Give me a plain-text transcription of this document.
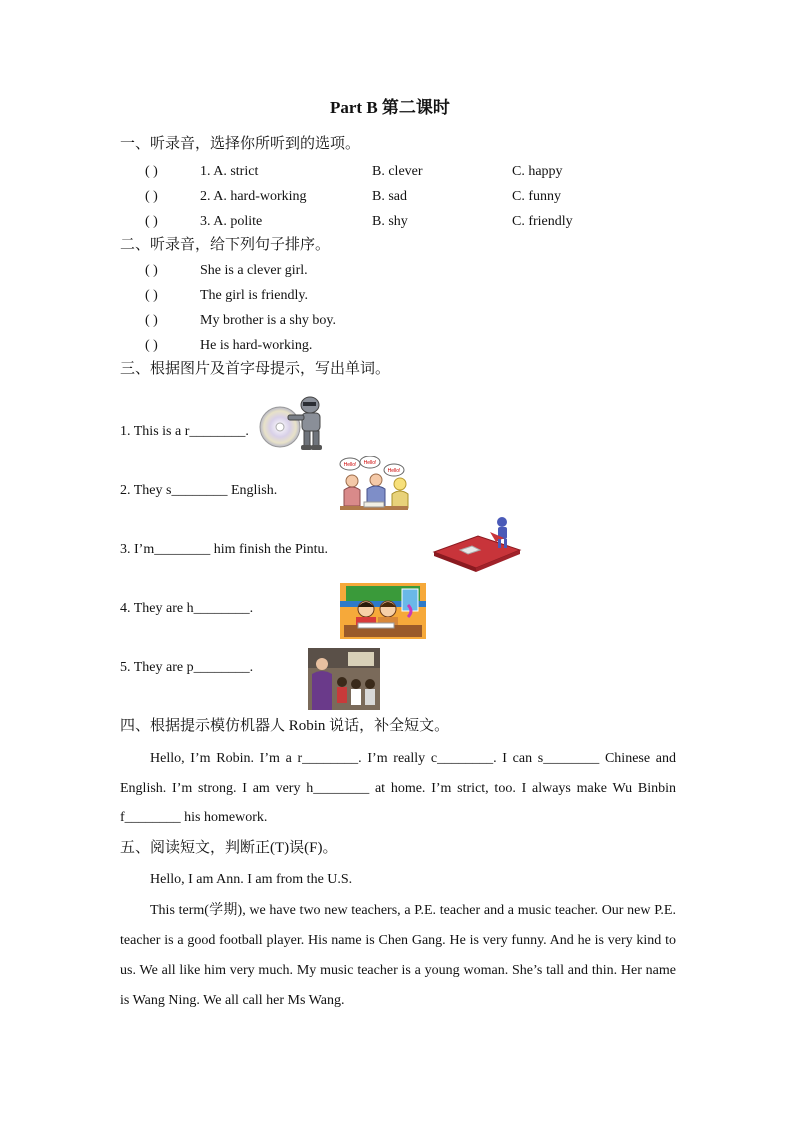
Part B 第二课时
一、听录音，选择你所听到的选项。
( )	1. A. strict	B. clever	C. happy
( )	2. A. hard-working	B. sad	C. funny
( )	3. A. polite	B. shy	C. friendly
二、听录音，给下列句子排序。
( )	She is a clever girl.
( )	The girl is friendly.
( )	My brother is a shy boy.
( )	He is hard-working.
三、根据图片及首字母提示，写出单词。
1. This is a r________.
2. They s________ English.
3. I’m________ him finish the Pintu.
4. They are h________.
5. They are p________.
Hello! Hello!
Hello!
四、根据提示模仿机器人 Robin 说话，补全短文。

Hello, I’m Robin. I’m a r________. I’m really c________. I can s________ Chinese and English. I’m strong. I am very h________ at home. I’m strict, too. I always make Wu Binbin f________ his homework.

五、阅读短文，判断正(T)误(F)。
Hello, I am Ann. I am from the U.S.

This term(学期), we have two new teachers, a P.E. teacher and a music teacher. Our new P.E. teacher is a good football player. His name is Chen Gang. He is very funny. And he is very kind to us. We all like him very much. My music teacher is a young woman. She’s tall and thin. Her name is Wang Ning. We all call her Ms Wang.
